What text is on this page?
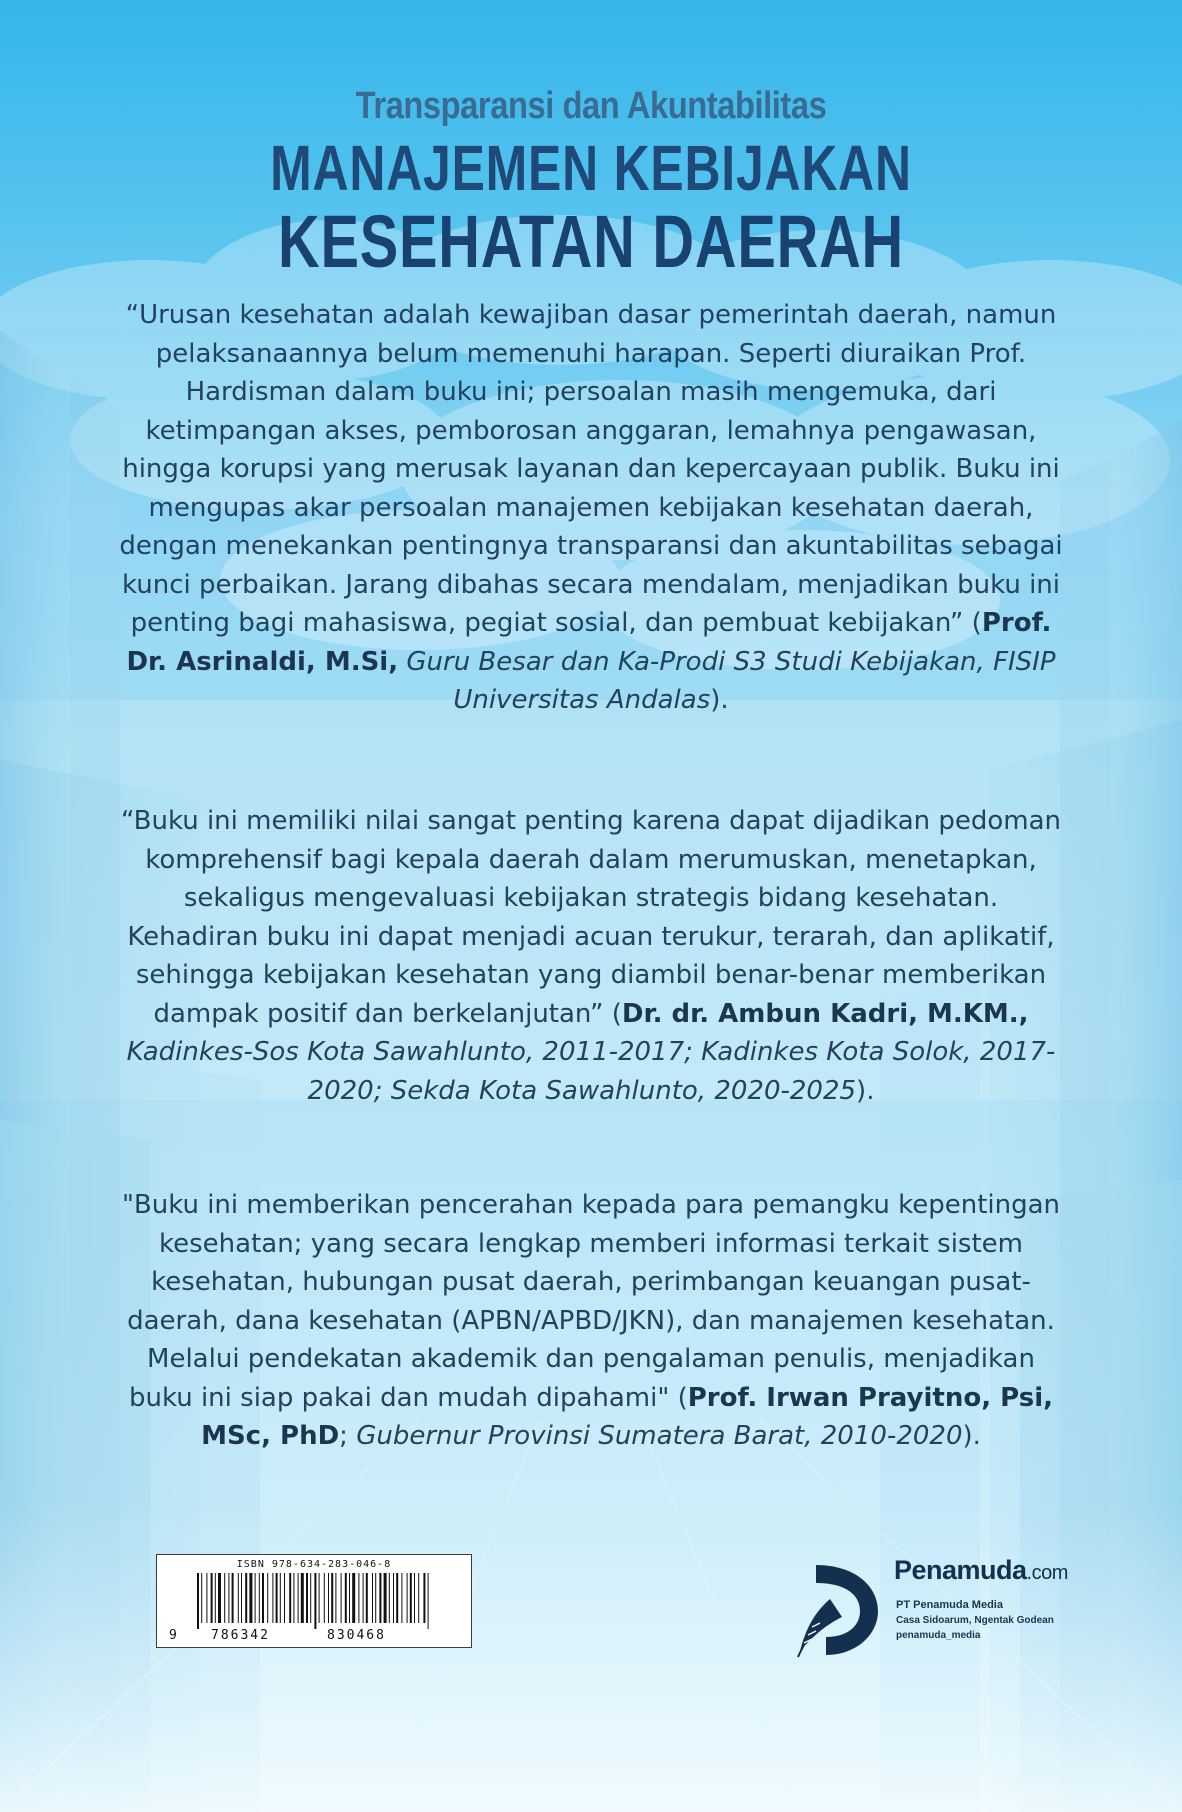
Transparansi dan Akuntabilitas
MANAJEMEN KEBIJAKAN
KESEHATAN DAERAH
“Urusan kesehatan adalah kewajiban dasar pemerintah daerah, namun pelaksanaannya belum memenuhi harapan. Seperti diuraikan Prof. Hardisman dalam buku ini; persoalan masih mengemuka, dari ketimpangan akses, pemborosan anggaran, lemahnya pengawasan, hingga korupsi yang merusak layanan dan kepercayaan publik. Buku ini mengupas akar persoalan manajemen kebijakan kesehatan daerah, dengan menekankan pentingnya transparansi dan akuntabilitas sebagai kunci perbaikan. Jarang dibahas secara mendalam, menjadikan buku ini penting bagi mahasiswa, pegiat sosial, dan pembuat kebijakan” (Prof. Dr. Asrinaldi, M.Si, Guru Besar dan Ka-Prodi S3 Studi Kebijakan, FISIP Universitas Andalas).
“Buku ini memiliki nilai sangat penting karena dapat dijadikan pedoman komprehensif bagi kepala daerah dalam merumuskan, menetapkan, sekaligus mengevaluasi kebijakan strategis bidang kesehatan. Kehadiran buku ini dapat menjadi acuan terukur, terarah, dan aplikatif, sehingga kebijakan kesehatan yang diambil benar-benar memberikan dampak positif dan berkelanjutan” (Dr. dr. Ambun Kadri, M.KM., Kadinkes-Sos Kota Sawahlunto, 2011-2017; Kadinkes Kota Solok, 2017-2020; Sekda Kota Sawahlunto, 2020-2025).
"Buku ini memberikan pencerahan kepada para pemangku kepentingan kesehatan; yang secara lengkap memberi informasi terkait sistem kesehatan, hubungan pusat daerah, perimbangan keuangan pusat-daerah, dana kesehatan (APBN/APBD/JKN), dan manajemen kesehatan. Melalui pendekatan akademik dan pengalaman penulis, menjadikan buku ini siap pakai dan mudah dipahami" (Prof. Irwan Prayitno, Psi, MSc, PhD; Gubernur Provinsi Sumatera Barat, 2010-2020).
ISBN 978-634-283-046-8
9 786342	830468
Penamuda.com
PT Penamuda Media
Casa Sidoarum, Ngentak Godean
penamuda_media
